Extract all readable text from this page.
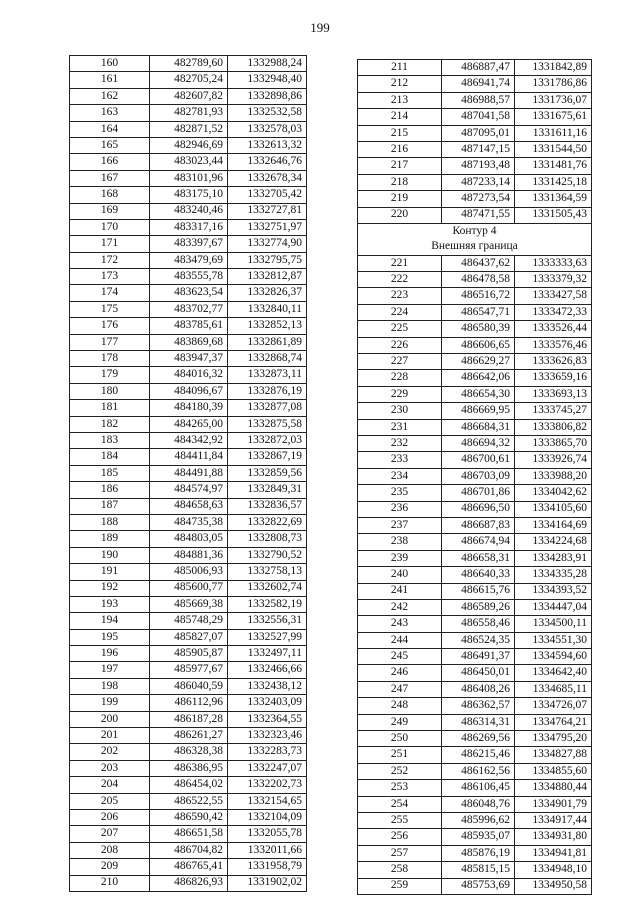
199
160	482789,60	1332988,24
161	482705,24	1332948,40
162	482607,82	1332898,86
163	482781,93	1332532,58
164	482871,52	1332578,03
165	482946,69	1332613,32
166	483023,44	1332646,76
167	483101,96	1332678,34
168	483175,10	1332705,42
169	483240,46	1332727,81
170	483317,16	1332751,97
171	483397,67	1332774,90
172	483479,69	1332795,75
173	483555,78	1332812,87
174	483623,54	1332826,37
175	483702,77	1332840,11
176	483785,61	1332852,13
177	483869,68	1332861,89
178	483947,37	1332868,74
179	484016,32	1332873,11
180	484096,67	1332876,19
181	484180,39	1332877,08
182	484265,00	1332875,58
183	484342,92	1332872,03
184	484411,84	1332867,19
185	484491,88	1332859,56
186	484574,97	1332849,31
187	484658,63	1332836,57
188	484735,38	1332822,69
189	484803,05	1332808,73
190	484881,36	1332790,52
191	485006,93	1332758,13
192	485600,77	1332602,74
193	485669,38	1332582,19
194	485748,29	1332556,31
195	485827,07	1332527,99
196	485905,87	1332497,11
197	485977,67	1332466,66
198	486040,59	1332438,12
199	486112,96	1332403,09
200	486187,28	1332364,55
201	486261,27	1332323,46
202	486328,38	1332283,73
203	486386,95	1332247,07
204	486454,02	1332202,73
205	486522,55	1332154,65
206	486590,42	1332104,09
207	486651,58	1332055,78
208	486704,82	1332011,66
209	486765,41	1331958,79
210	486826,93	1331902,02
211	486887,47	1331842,89
212	486941,74	1331786,86
213	486988,57	1331736,07
214	487041,58	1331675,61
215	487095,01	1331611,16
216	487147,15	1331544,50
217	487193,48	1331481,76
218	487233,14	1331425,18
219	487273,54	1331364,59
220	487471,55	1331505,43
Контур 4		
Внешняя граница		
221	486437,62	1333333,63
222	486478,58	1333379,32
223	486516,72	1333427,58
224	486547,71	1333472,33
225	486580,39	1333526,44
226	486606,65	1333576,46
227	486629,27	1333626,83
228	486642,06	1333659,16
229	486654,30	1333693,13
230	486669,95	1333745,27
231	486684,31	1333806,82
232	486694,32	1333865,70
233	486700,61	1333926,74
234	486703,09	1333988,20
235	486701,86	1334042,62
236	486696,50	1334105,60
237	486687,83	1334164,69
238	486674,94	1334224,68
239	486658,31	1334283,91
240	486640,33	1334335,28
241	486615,76	1334393,52
242	486589,26	1334447,04
243	486558,46	1334500,11
244	486524,35	1334551,30
245	486491,37	1334594,60
246	486450,01	1334642,40
247	486408,26	1334685,11
248	486362,57	1334726,07
249	486314,31	1334764,21
250	486269,56	1334795,20
251	486215,46	1334827,88
252	486162,56	1334855,60
253	486106,45	1334880,44
254	486048,76	1334901,79
255	485996,62	1334917,44
256	485935,07	1334931,80
257	485876,19	1334941,81
258	485815,15	1334948,10
259	485753,69	1334950,58
